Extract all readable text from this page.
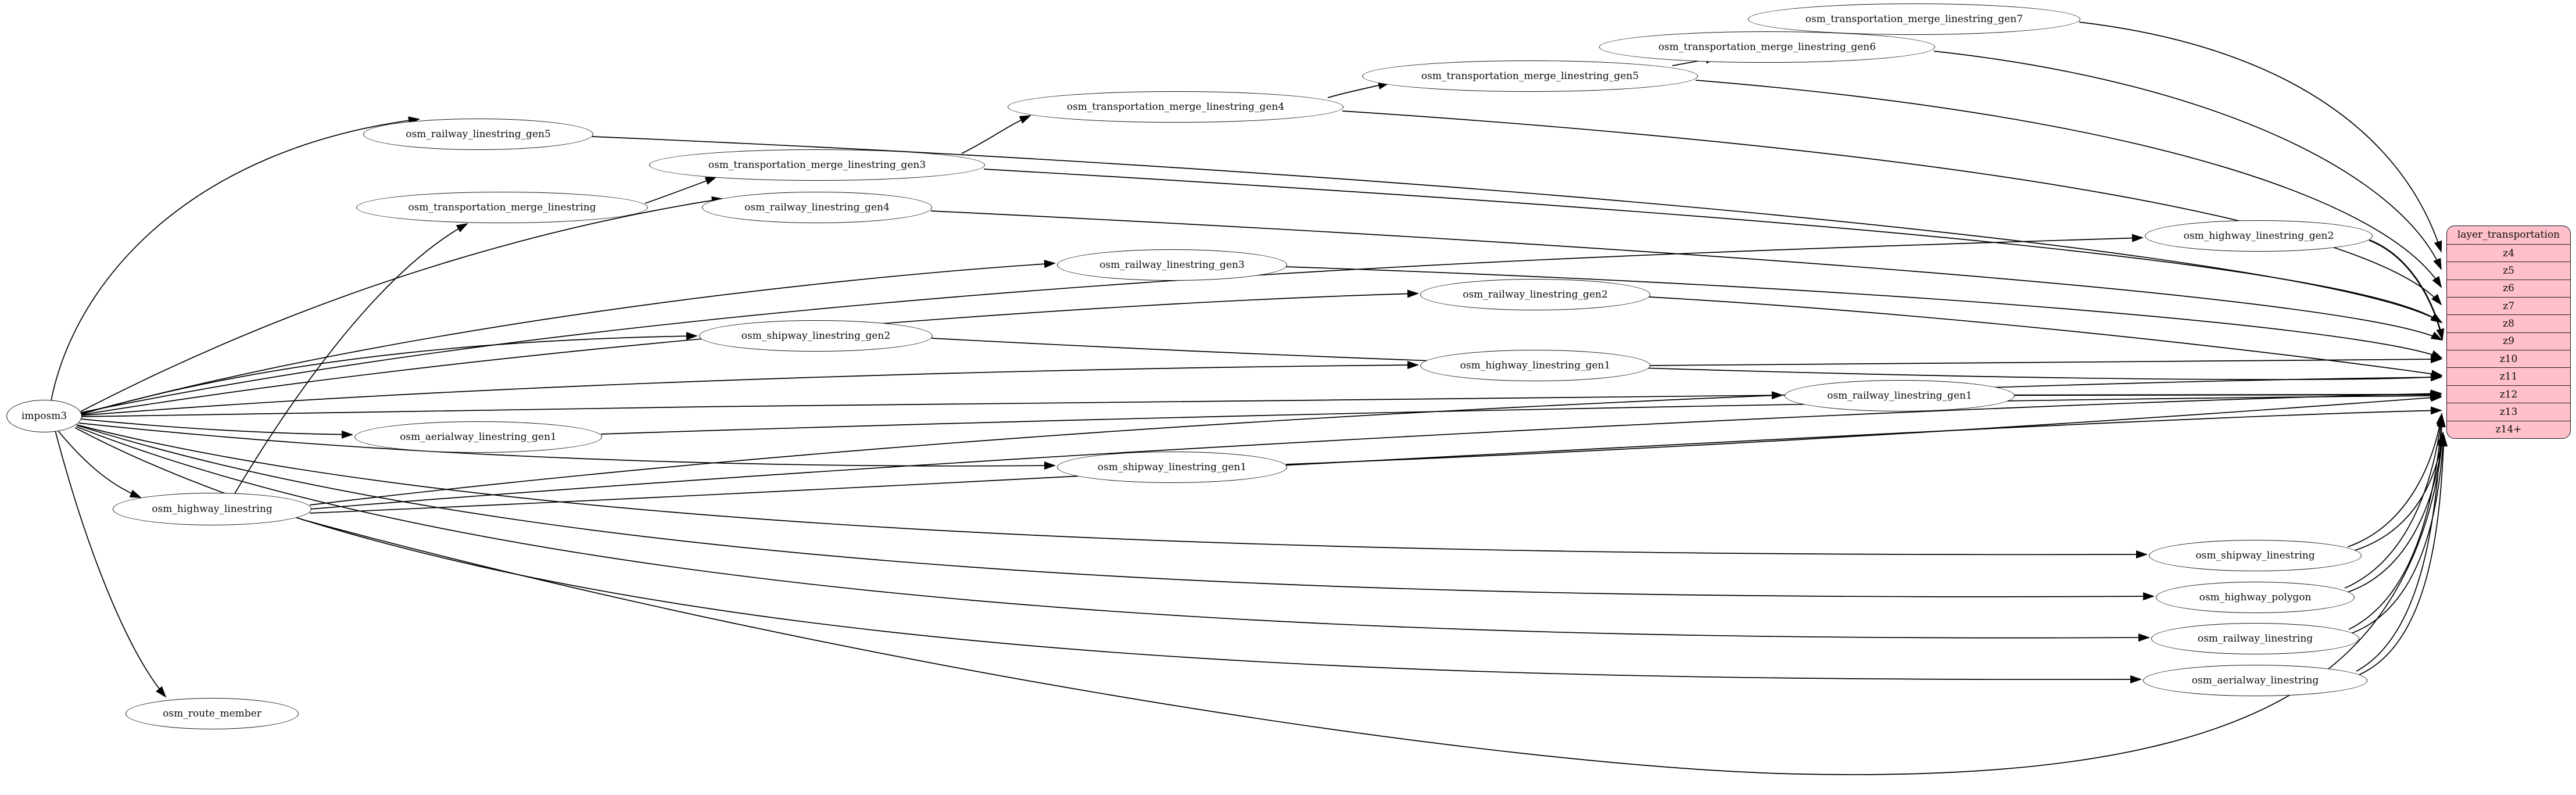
imposm3
osm_railway_linestring_gen5
osm_transportation_merge_linestring
osm_transportation_merge_linestring_gen3
osm_railway_linestring_gen4
osm_transportation_merge_linestring_gen4
osm_transportation_merge_linestring_gen5
osm_transportation_merge_linestring_gen6
osm_transportation_merge_linestring_gen7
osm_highway_linestring_gen2
osm_railway_linestring_gen3
osm_railway_linestring_gen2
osm_shipway_linestring_gen2
osm_highway_linestring_gen1
osm_railway_linestring_gen1
osm_aerialway_linestring_gen1
osm_shipway_linestring_gen1
osm_highway_linestring
osm_shipway_linestring
osm_highway_polygon
osm_railway_linestring
osm_aerialway_linestring
osm_route_member
layer_transportation
z4
z5
z6
z7
z8
z9
z10
z11
z12
z13
z14+
